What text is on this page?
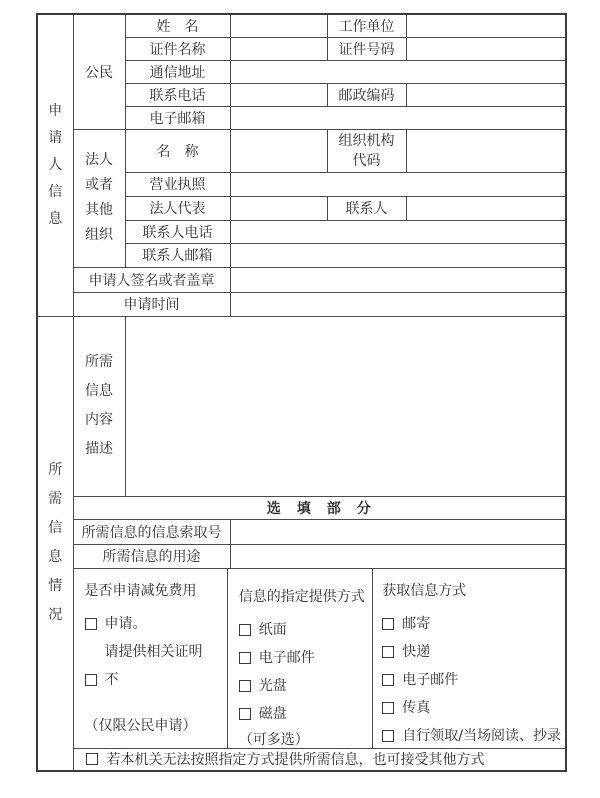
申请人信息	公民	姓　名		工作单位	
		证件名称		证件号码	
		通信地址			
		联系电话		邮政编码	
		电子邮箱			

	法人或者其他组织	名　称		组织机构代码	

		营业执照			
		法人代表		联系人	
		联系人电话			
		联系人邮箱			
	申请人签名或者盖章				
	申请时间				

所需信息情况	所需信息内容描述				

	选　填　部　分				
	所需信息的信息索取号				
	所需信息的用途				

是否申请减免费用
申请。
请提供相关证明
不
（仅限公民申请）
信息的指定提供方式
纸面
电子邮件
光盘
磁盘
（可多选）
获取信息方式
邮寄
快递
电子邮件
传真
自行领取/当场阅读、抄录

	若本机关无法按照指定方式提供所需信息，也可接受其他方式				
